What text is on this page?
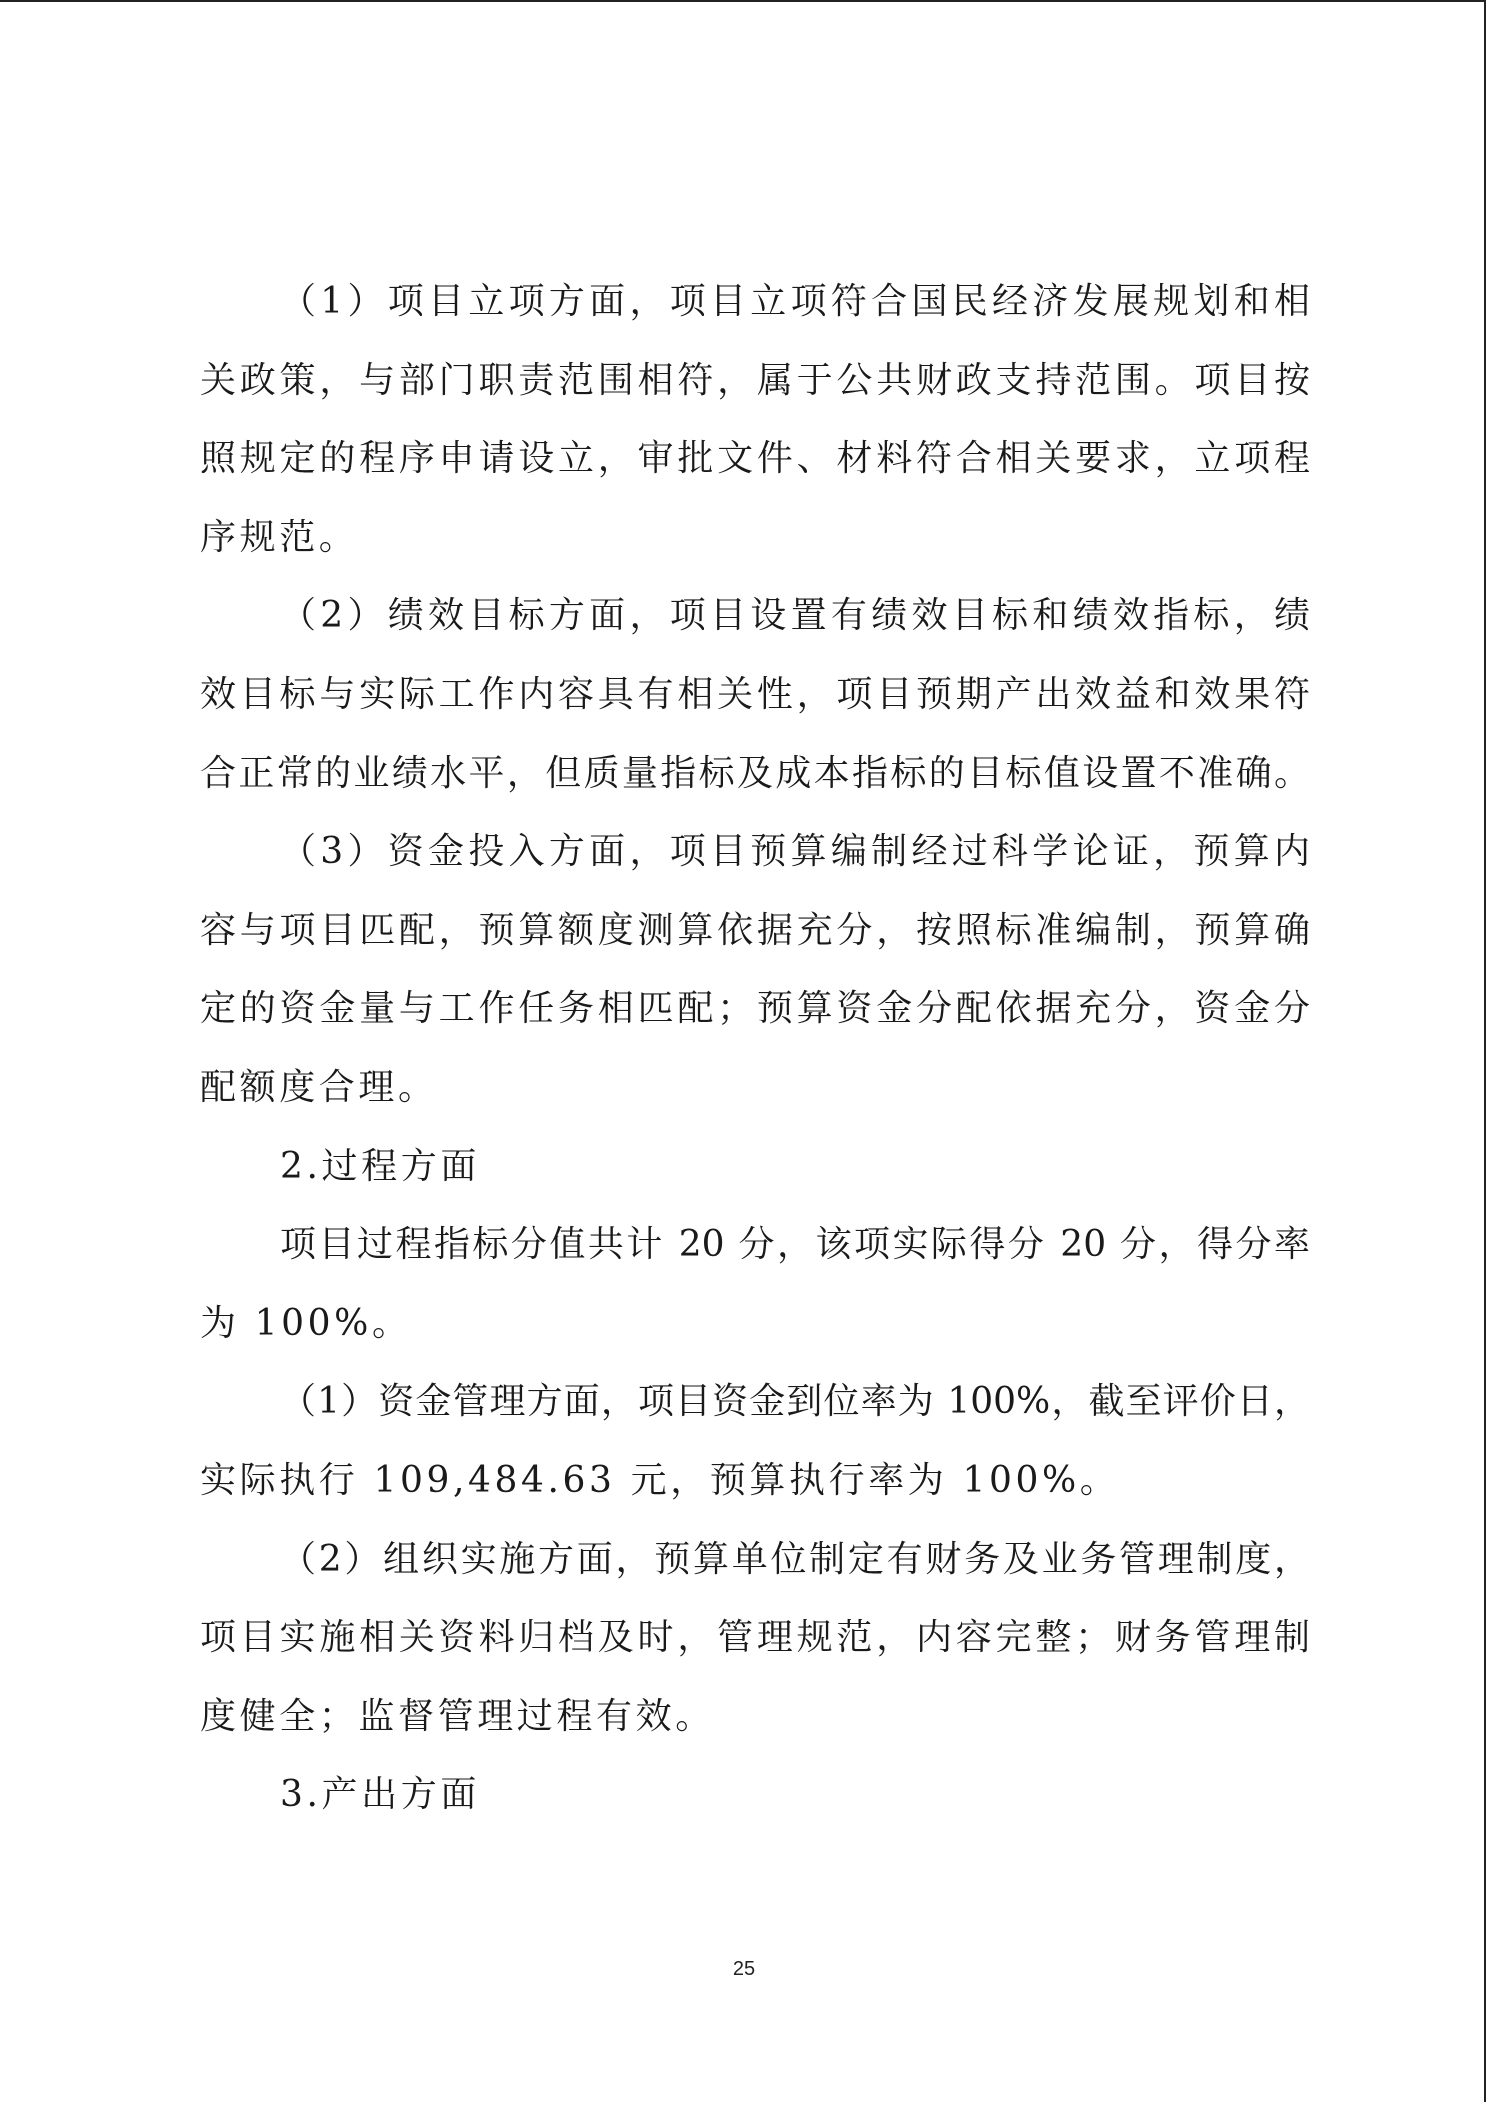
（1）项目立项方面，项目立项符合国民经济发展规划和相
关政策，与部门职责范围相符，属于公共财政支持范围。项目按
照规定的程序申请设立，审批文件、材料符合相关要求，立项程
序规范。
（2）绩效目标方面，项目设置有绩效目标和绩效指标，绩
效目标与实际工作内容具有相关性，项目预期产出效益和效果符
合正常的业绩水平，但质量指标及成本指标的目标值设置不准确。
（3）资金投入方面，项目预算编制经过科学论证，预算内
容与项目匹配，预算额度测算依据充分，按照标准编制，预算确
定的资金量与工作任务相匹配；预算资金分配依据充分，资金分
配额度合理。
2.过程方面
项目过程指标分值共计 20 分，该项实际得分 20 分，得分率
为 100%。
（1）资金管理方面，项目资金到位率为 100%，截至评价日，
实际执行 109,484.63 元，预算执行率为 100%。
（2）组织实施方面，预算单位制定有财务及业务管理制度，
项目实施相关资料归档及时，管理规范，内容完整；财务管理制
度健全；监督管理过程有效。
3.产出方面
25
